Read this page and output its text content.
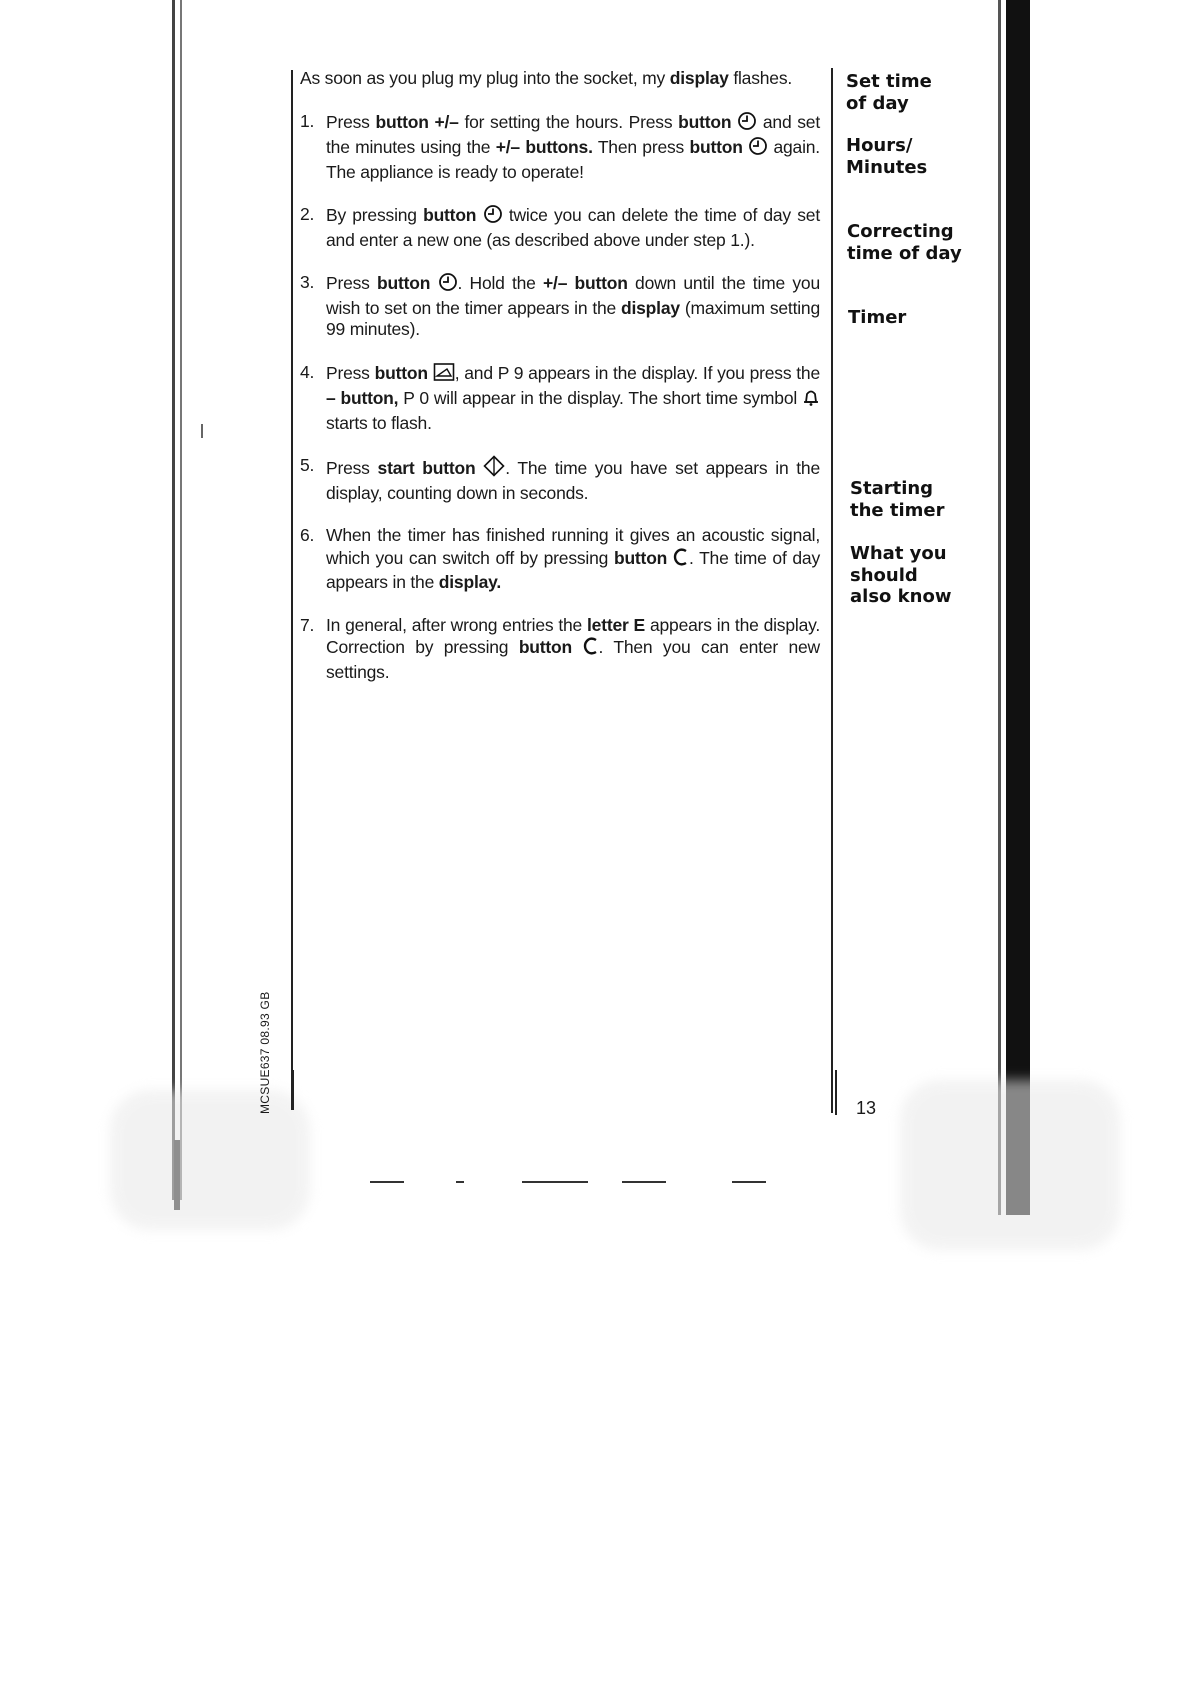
As soon as you plug my plug into the socket, my display flashes.

1. Press button +/– for setting the hours. Press button  and set the minutes using the +/– buttons. Then press button  again. The appliance is ready to operate!
2. By pressing button  twice you can delete the time of day set and enter a new one (as described above under step 1.).
3. Press button . Hold the +/– button down until the time you wish to set on the timer appears in the display (maximum setting 99 minutes).
4. Press button , and P 9 appears in the display. If you press the – button, P 0 will appear in the display. The short time symbol  starts to flash.
5. Press start button . The time you have set appears in the display, counting down in seconds.
6. When the timer has finished running it gives an acoustic signal, which you can switch off by pressing button . The time of day appears in the display.
7. In general, after wrong entries the letter E appears in the display. Correction by pressing button . Then you can enter new settings.
Set time
of day
Hours/
Minutes
Correcting
time of day
Timer
Starting
the timer
What you
should
also know
13
MCSUE637 08.93 GB
